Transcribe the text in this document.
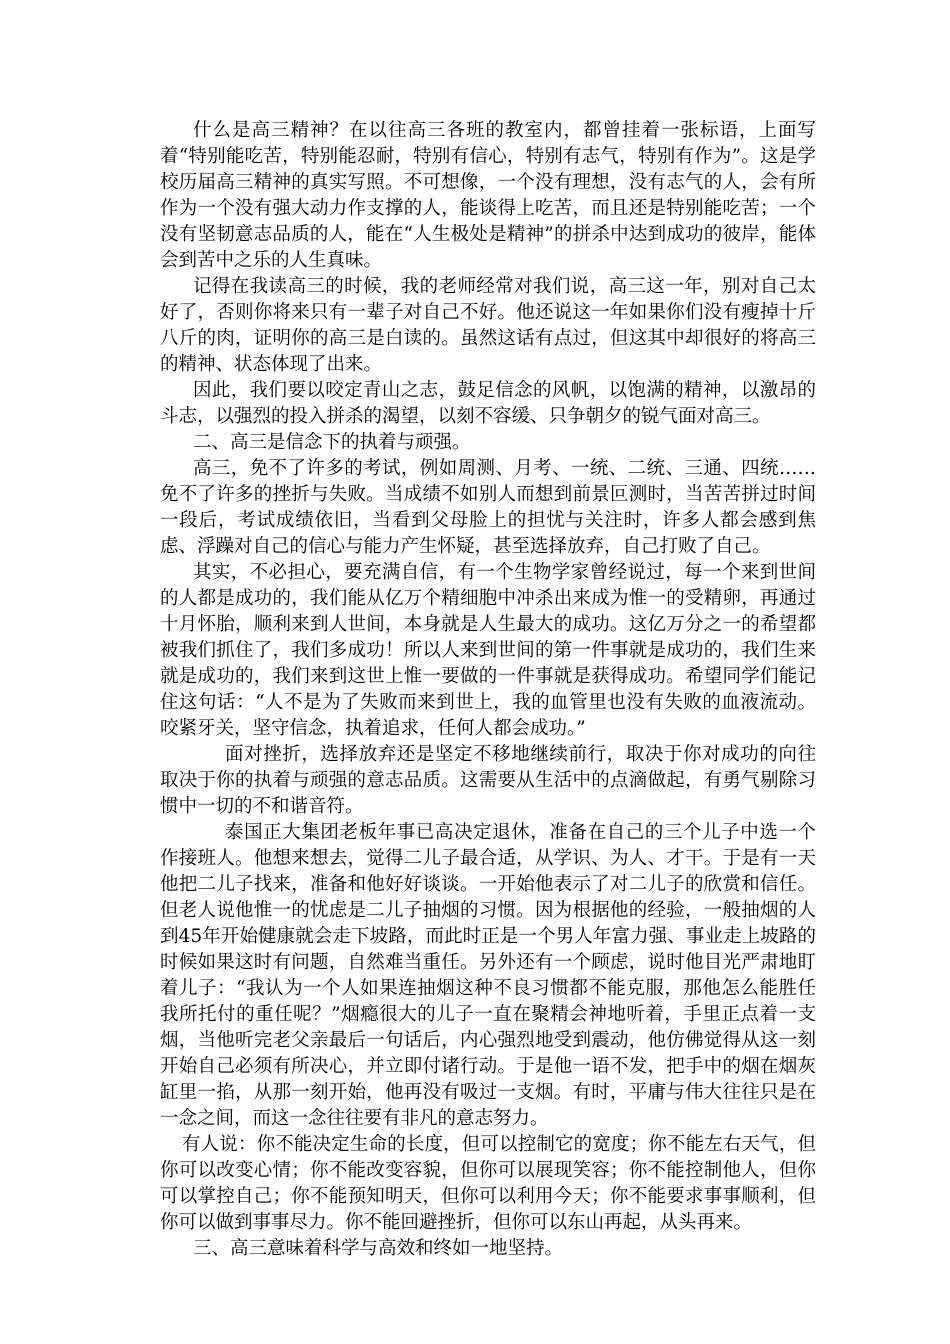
什么是高三精神？在以往高三各班的教室内，都曾挂着一张标语，上面写着“特别能吃苦，特别能忍耐，特别有信心，特别有志气，特别有作为”。这是学校历届高三精神的真实写照。不可想像，一个没有理想，没有志气的人，会有所作为一个没有强大动力作支撑的人，能谈得上吃苦，而且还是特别能吃苦；一个没有坚韧意志品质的人，能在“人生极处是精神”的拼杀中达到成功的彼岸，能体会到苦中之乐的人生真味。

记得在我读高三的时候，我的老师经常对我们说，高三这一年，别对自己太好了，否则你将来只有一辈子对自己不好。他还说这一年如果你们没有瘦掉十斤八斤的肉，证明你的高三是白读的。虽然这话有点过，但这其中却很好的将高三的精神、状态体现了出来。

因此，我们要以咬定青山之志，鼓足信念的风帆，以饱满的精神，以激昂的斗志，以强烈的投入拼杀的渴望，以刻不容缓、只争朝夕的锐气面对高三。

二、高三是信念下的执着与顽强。

高三，免不了许多的考试，例如周测、月考、一统、二统、三通、四统……免不了许多的挫折与失败。当成绩不如别人而想到前景叵测时，当苦苦拼过时间一段后，考试成绩依旧，当看到父母脸上的担忧与关注时，许多人都会感到焦虑、浮躁对自己的信心与能力产生怀疑，甚至选择放弃，自己打败了自己。

其实，不必担心，要充满自信，有一个生物学家曾经说过，每一个来到世间的人都是成功的，我们能从亿万个精细胞中冲杀出来成为惟一的受精卵，再通过十月怀胎，顺利来到人世间，本身就是人生最大的成功。这亿万分之一的希望都被我们抓住了，我们多成功！所以人来到世间的第一件事就是成功的，我们生来就是成功的，我们来到这世上惟一要做的一件事就是获得成功。希望同学们能记住这句话：“人不是为了失败而来到世上，我的血管里也没有失败的血液流动。咬紧牙关，坚守信念，执着追求，任何人都会成功。”

面对挫折，选择放弃还是坚定不移地继续前行，取决于你对成功的向往取决于你的执着与顽强的意志品质。这需要从生活中的点滴做起，有勇气剔除习惯中一切的不和谐音符。

泰国正大集团老板年事已高决定退休，准备在自己的三个儿子中选一个作接班人。他想来想去，觉得二儿子最合适，从学识、为人、才干。于是有一天他把二儿子找来，准备和他好好谈谈。一开始他表示了对二儿子的欣赏和信任。但老人说他惟一的忧虑是二儿子抽烟的习惯。因为根据他的经验，一般抽烟的人到45年开始健康就会走下坡路，而此时正是一个男人年富力强、事业走上坡路的时候如果这时有问题，自然难当重任。另外还有一个顾虑，说时他目光严肃地盯着儿子：“我认为一个人如果连抽烟这种不良习惯都不能克服，那他怎么能胜任我所托付的重任呢？”烟瘾很大的儿子一直在聚精会神地听着，手里正点着一支烟，当他听完老父亲最后一句话后，内心强烈地受到震动，他仿佛觉得从这一刻开始自己必须有所决心，并立即付诸行动。于是他一语不发，把手中的烟在烟灰缸里一掐，从那一刻开始，他再没有吸过一支烟。有时，平庸与伟大往往只是在一念之间，而这一念往往要有非凡的意志努力。

有人说：你不能决定生命的长度，但可以控制它的宽度；你不能左右天气，但你可以改变心情；你不能改变容貌，但你可以展现笑容；你不能控制他人，但你可以掌控自己；你不能预知明天，但你可以利用今天；你不能要求事事顺利，但你可以做到事事尽力。你不能回避挫折，但你可以东山再起，从头再来。

三、高三意味着科学与高效和终如一地坚持。
